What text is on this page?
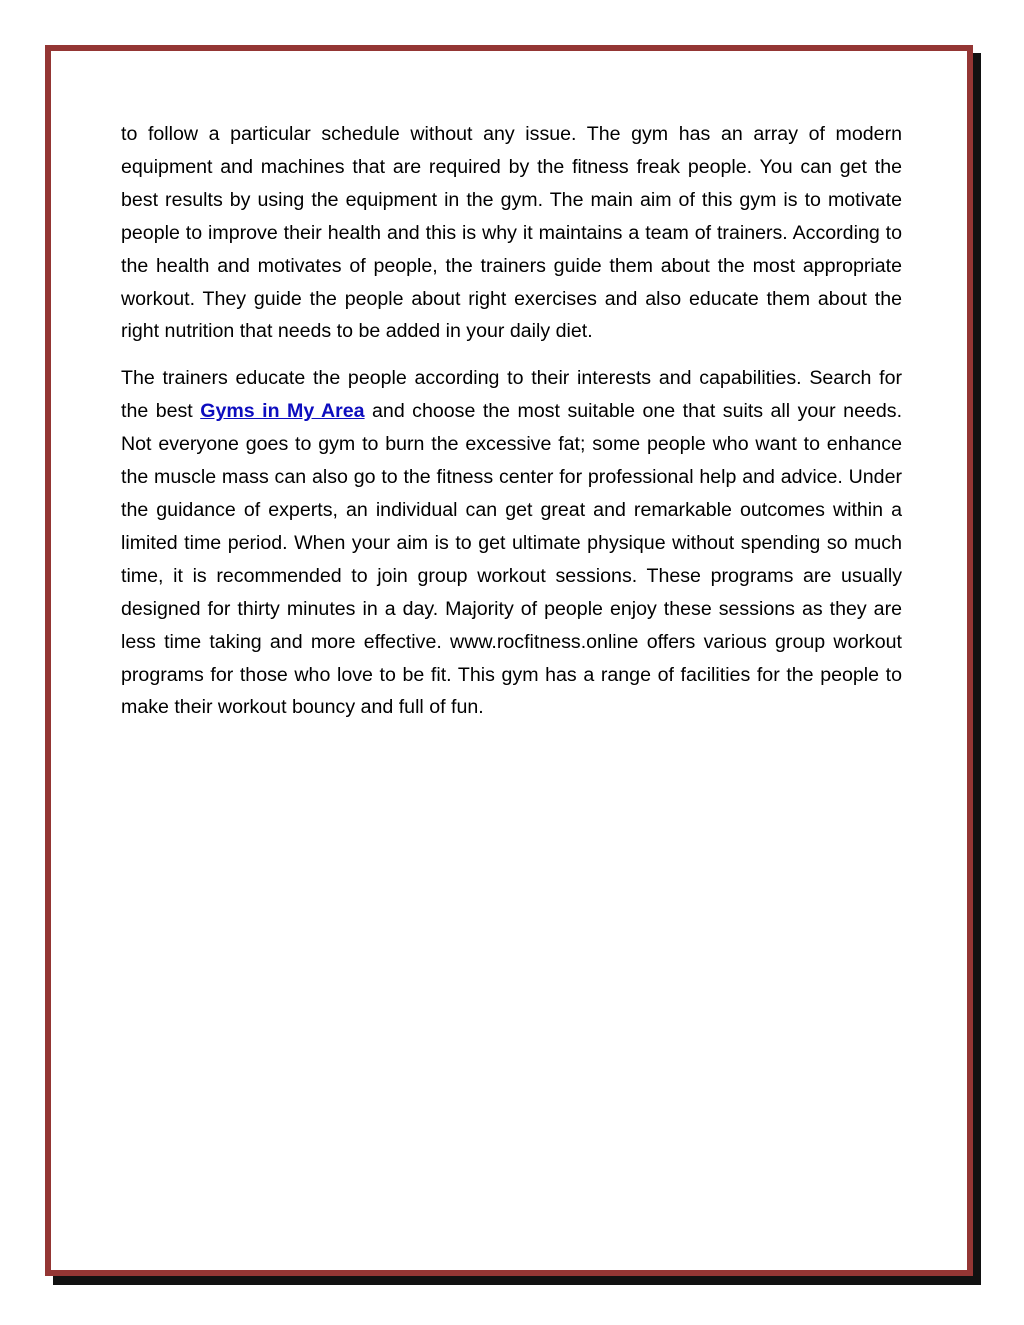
to follow a particular schedule without any issue. The gym has an array of modern equipment and machines that are required by the fitness freak people. You can get the best results by using the equipment in the gym. The main aim of this gym is to motivate people to improve their health and this is why it maintains a team of trainers. According to the health and motivates of people, the trainers guide them about the most appropriate workout. They guide the people about right exercises and also educate them about the right nutrition that needs to be added in your daily diet.

The trainers educate the people according to their interests and capabilities. Search for the best Gyms in My Area and choose the most suitable one that suits all your needs. Not everyone goes to gym to burn the excessive fat; some people who want to enhance the muscle mass can also go to the fitness center for professional help and advice. Under the guidance of experts, an individual can get great and remarkable outcomes within a limited time period. When your aim is to get ultimate physique without spending so much time, it is recommended to join group workout sessions. These programs are usually designed for thirty minutes in a day. Majority of people enjoy these sessions as they are less time taking and more effective. www.rocfitness.online offers various group workout programs for those who love to be fit. This gym has a range of facilities for the people to make their workout bouncy and full of fun.
